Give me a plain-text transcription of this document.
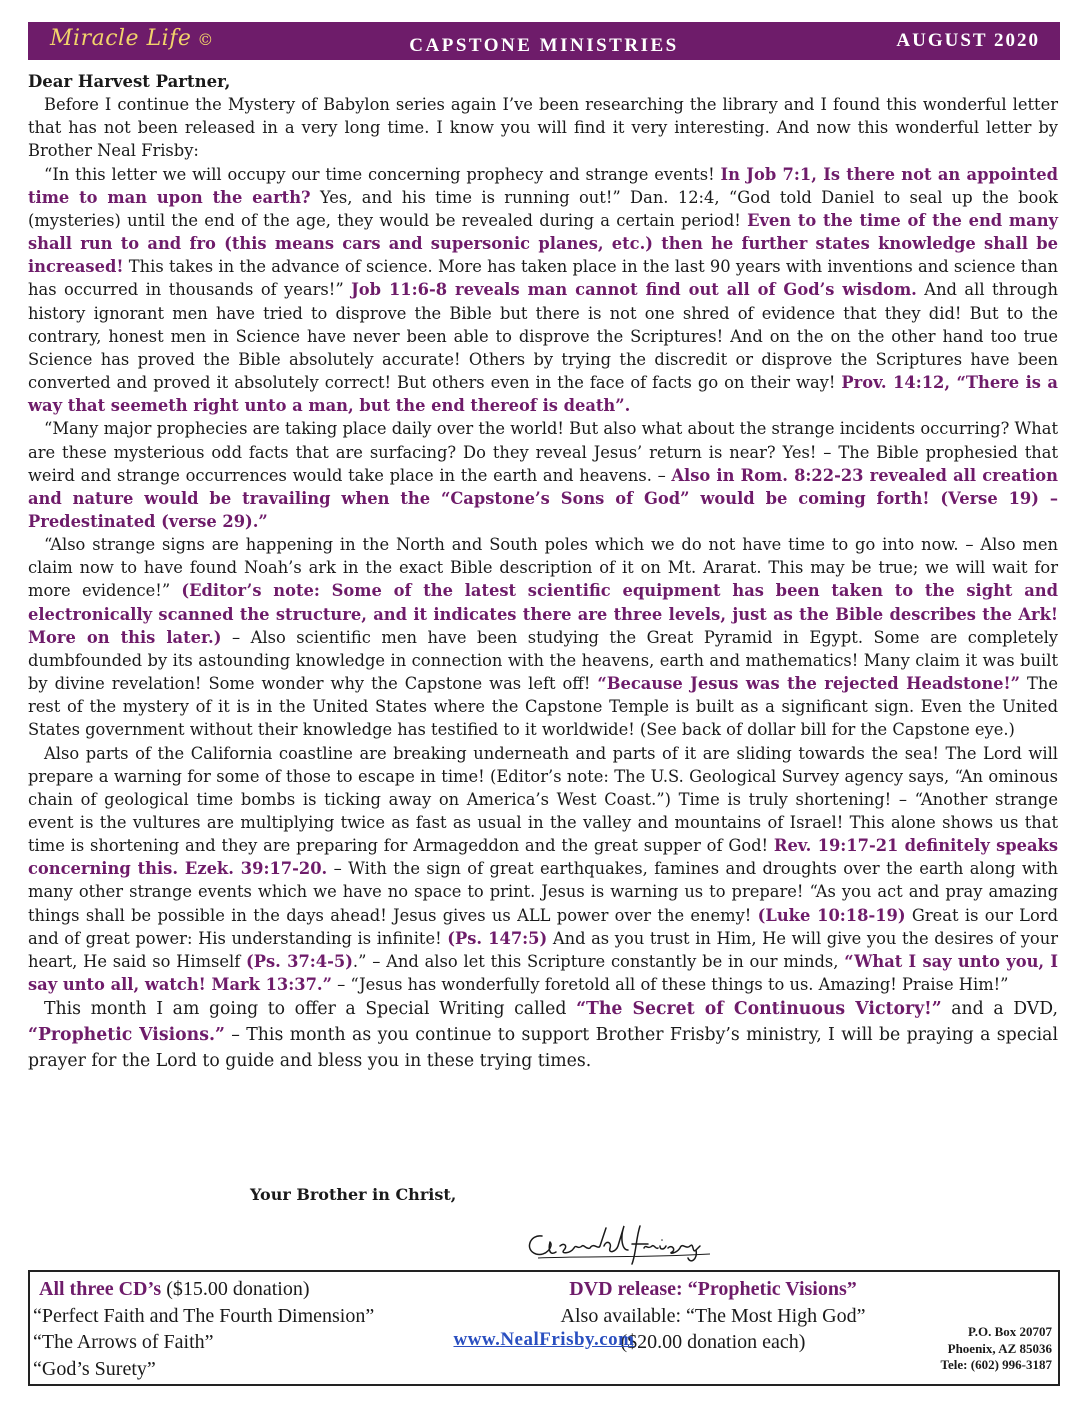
Miracle Life ©	CAPSTONE MINISTRIES	AUGUST 2020

Dear Harvest Partner,

Before I continue the Mystery of Babylon series again I’ve been researching the library and I found this wonderful letter that has not been released in a very long time. I know you will find it very interesting. And now this wonderful letter by Brother Neal Frisby:

“In this letter we will occupy our time concerning prophecy and strange events! In Job 7:1, Is there not an appointed time to man upon the earth? Yes, and his time is running out!” Dan. 12:4, “God told Daniel to seal up the book (mysteries) until the end of the age, they would be revealed during a certain period! Even to the time of the end many shall run to and fro (this means cars and supersonic planes, etc.) then he further states knowledge shall be increased! This takes in the advance of science. More has taken place in the last 90 years with inventions and science than has occurred in thousands of years!” Job 11:6-8 reveals man cannot find out all of God’s wisdom. And all through history ignorant men have tried to disprove the Bible but there is not one shred of evidence that they did! But to the contrary, honest men in Science have never been able to disprove the Scriptures! And on the on the other hand too true Science has proved the Bible absolutely accurate! Others by trying the discredit or disprove the Scriptures have been converted and proved it absolutely correct! But others even in the face of facts go on their way! Prov. 14:12, “There is a way that seemeth right unto a man, but the end thereof is death”.

“Many major prophecies are taking place daily over the world! But also what about the strange incidents occurring? What are these mysterious odd facts that are surfacing? Do they reveal Jesus’ return is near? Yes! – The Bible prophesied that weird and strange occurrences would take place in the earth and heavens. – Also in Rom. 8:22-23 revealed all creation and nature would be travailing when the “Capstone’s Sons of God” would be coming forth! (Verse 19) – Predestinated (verse 29).”

“Also strange signs are happening in the North and South poles which we do not have time to go into now. – Also men claim now to have found Noah’s ark in the exact Bible description of it on Mt. Ararat. This may be true; we will wait for more evidence!” (Editor’s note: Some of the latest scientific equipment has been taken to the sight and electronically scanned the structure, and it indicates there are three levels, just as the Bible describes the Ark! More on this later.) – Also scientific men have been studying the Great Pyramid in Egypt. Some are completely dumbfounded by its astounding knowledge in connection with the heavens, earth and mathematics! Many claim it was built by divine revelation! Some wonder why the Capstone was left off! “Because Jesus was the rejected Headstone!” The rest of the mystery of it is in the United States where the Capstone Temple is built as a significant sign. Even the United States government without their knowledge has testified to it worldwide! (See back of dollar bill for the Capstone eye.)

Also parts of the California coastline are breaking underneath and parts of it are sliding towards the sea! The Lord will prepare a warning for some of those to escape in time! (Editor’s note: The U.S. Geological Survey agency says, “An ominous chain of geological time bombs is ticking away on America’s West Coast.”) Time is truly shortening! – “Another strange event is the vultures are multiplying twice as fast as usual in the valley and mountains of Israel! This alone shows us that time is shortening and they are preparing for Armageddon and the great supper of God! Rev. 19:17-21 definitely speaks concerning this. Ezek. 39:17-20. – With the sign of great earthquakes, famines and droughts over the earth along with many other strange events which we have no space to print. Jesus is warning us to prepare! “As you act and pray amazing things shall be possible in the days ahead! Jesus gives us ALL power over the enemy! (Luke 10:18-19) Great is our Lord and of great power: His understanding is infinite! (Ps. 147:5) And as you trust in Him, He will give you the desires of your heart, He said so Himself (Ps. 37:4-5).” – And also let this Scripture constantly be in our minds, “What I say unto you, I say unto all, watch! Mark 13:37.” – “Jesus has wonderfully foretold all of these things to us. Amazing! Praise Him!”

This month I am going to offer a Special Writing called “The Secret of Continuous Victory!” and a DVD, “Prophetic Visions.” – This month as you continue to support Brother Frisby’s ministry, I will be praying a special prayer for the Lord to guide and bless you in these trying times.

Your Brother in Christ,
All three CD’s ($15.00 donation)
“Perfect Faith and The Fourth Dimension”
“The Arrows of Faith”
“God’s Surety”
DVD release: “Prophetic Visions”
Also available: “The Most High God”
($20.00 donation each)	P.O. Box 20707
Phoenix, AZ 85036
Tele: (602) 996-3187
www.NealFrisby.com
